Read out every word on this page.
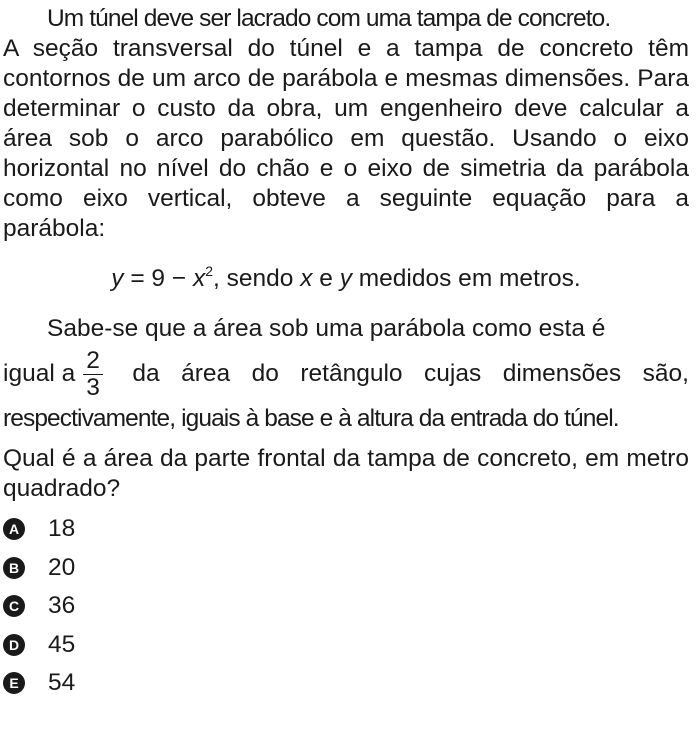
Um túnel deve ser lacrado com uma tampa de concreto.

A seção transversal do túnel e a tampa de concreto têm contornos de um arco de parábola e mesmas dimensões. Para determinar o custo da obra, um engenheiro deve calcular a área sob o arco parabólico em questão. Usando o eixo horizontal no nível do chão e o eixo de simetria da parábola como eixo vertical, obteve a seguinte equação para a parábola:

$y = 9 - x^2$, sendo x e y medidos em metros.

Sabe-se que a área sob uma parábola como esta é

igual a $\frac{2}{3}$ da área do retângulo cujas dimensões são,

respectivamente, iguais à base e à altura da entrada do túnel.

Qual é a área da parte frontal da tampa de concreto, em metro quadrado?

A 18
B 20
C 36
D 45
E 54
